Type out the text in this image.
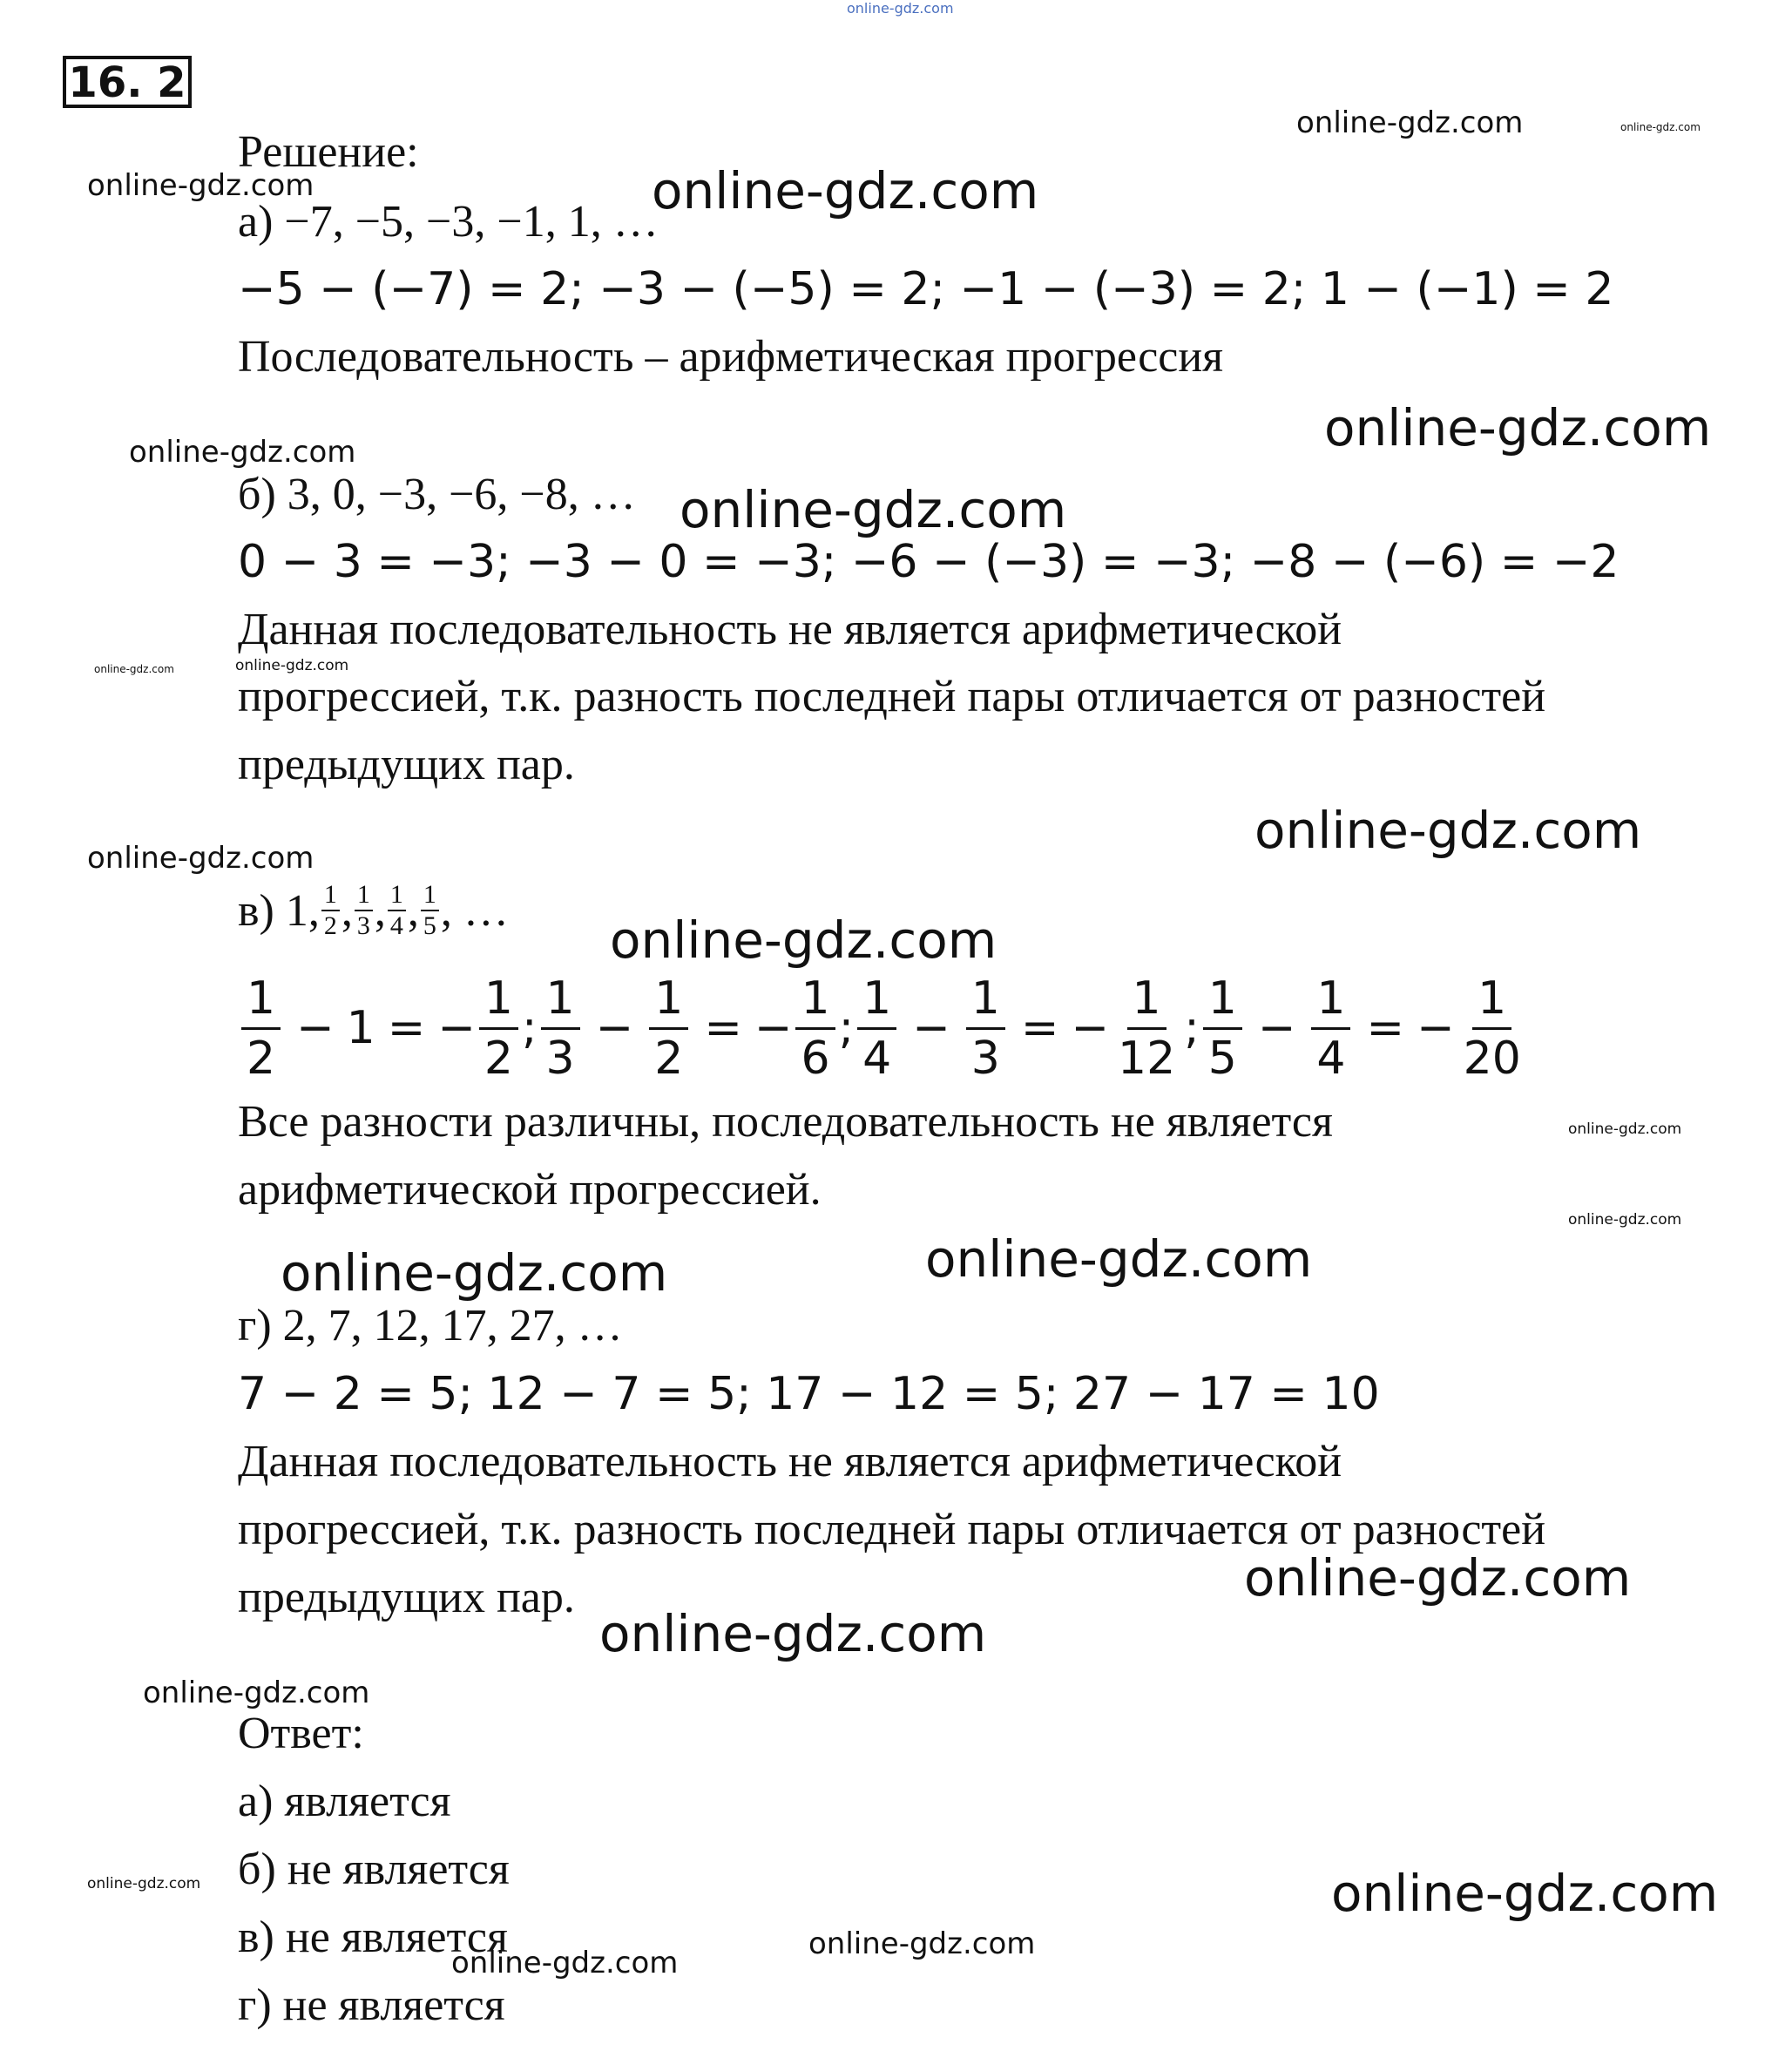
16. 2
Решение:
а) −7, −5, −3, −1, 1, …
−5 − (−7) = 2; −3 − (−5) = 2; −1 − (−3) = 2; 1 − (−1) = 2
Последовательность – арифметическая прогрессия
б) 3, 0, −3, −6, −8, …
0 − 3 = −3; −3 − 0 = −3; −6 − (−3) = −3; −8 − (−6) = −2
Данная последовательность не является арифметической
прогрессией, т.к. разность последней пары отличается от разностей
предыдущих пар.
в) 1, $\frac{1}{2}$ , $\frac{1}{3}$ , $\frac{1}{4}$ , $\frac{1}{5}$ , …
$\frac{1}{2} - 1$ = − $\frac{1}{2}$ ; $\frac{1}{3} - \frac{1}{2}$ = − $\frac{1}{6}$ ; $\frac{1}{4} - \frac{1}{3}$ = − $\frac{1}{12}$ ; $\frac{1}{5} - \frac{1}{4}$ = − $\frac{1}{20}$
Все разности различны, последовательность не является
арифметической прогрессией.
г) 2, 7, 12, 17, 27, …
7 − 2 = 5; 12 − 7 = 5; 17 − 12 = 5; 27 − 17 = 10
Данная последовательность не является арифметической
прогрессией, т.к. разность последней пары отличается от разностей
предыдущих пар.
Ответ:
а) является
б) не является
в) не является
г) не является
online-gdz.com
online-gdz.com	online-gdz.com
online-gdz.com	online-gdz.com
online-gdz.com
online-gdz.com
online-gdz.com
online-gdz.com	online-gdz.com
online-gdz.com
online-gdz.com
online-gdz.com
online-gdz.com
online-gdz.com
online-gdz.com
online-gdz.com
online-gdz.com
online-gdz.com
online-gdz.com
online-gdz.com	online-gdz.com
online-gdz.com
online-gdz.com
